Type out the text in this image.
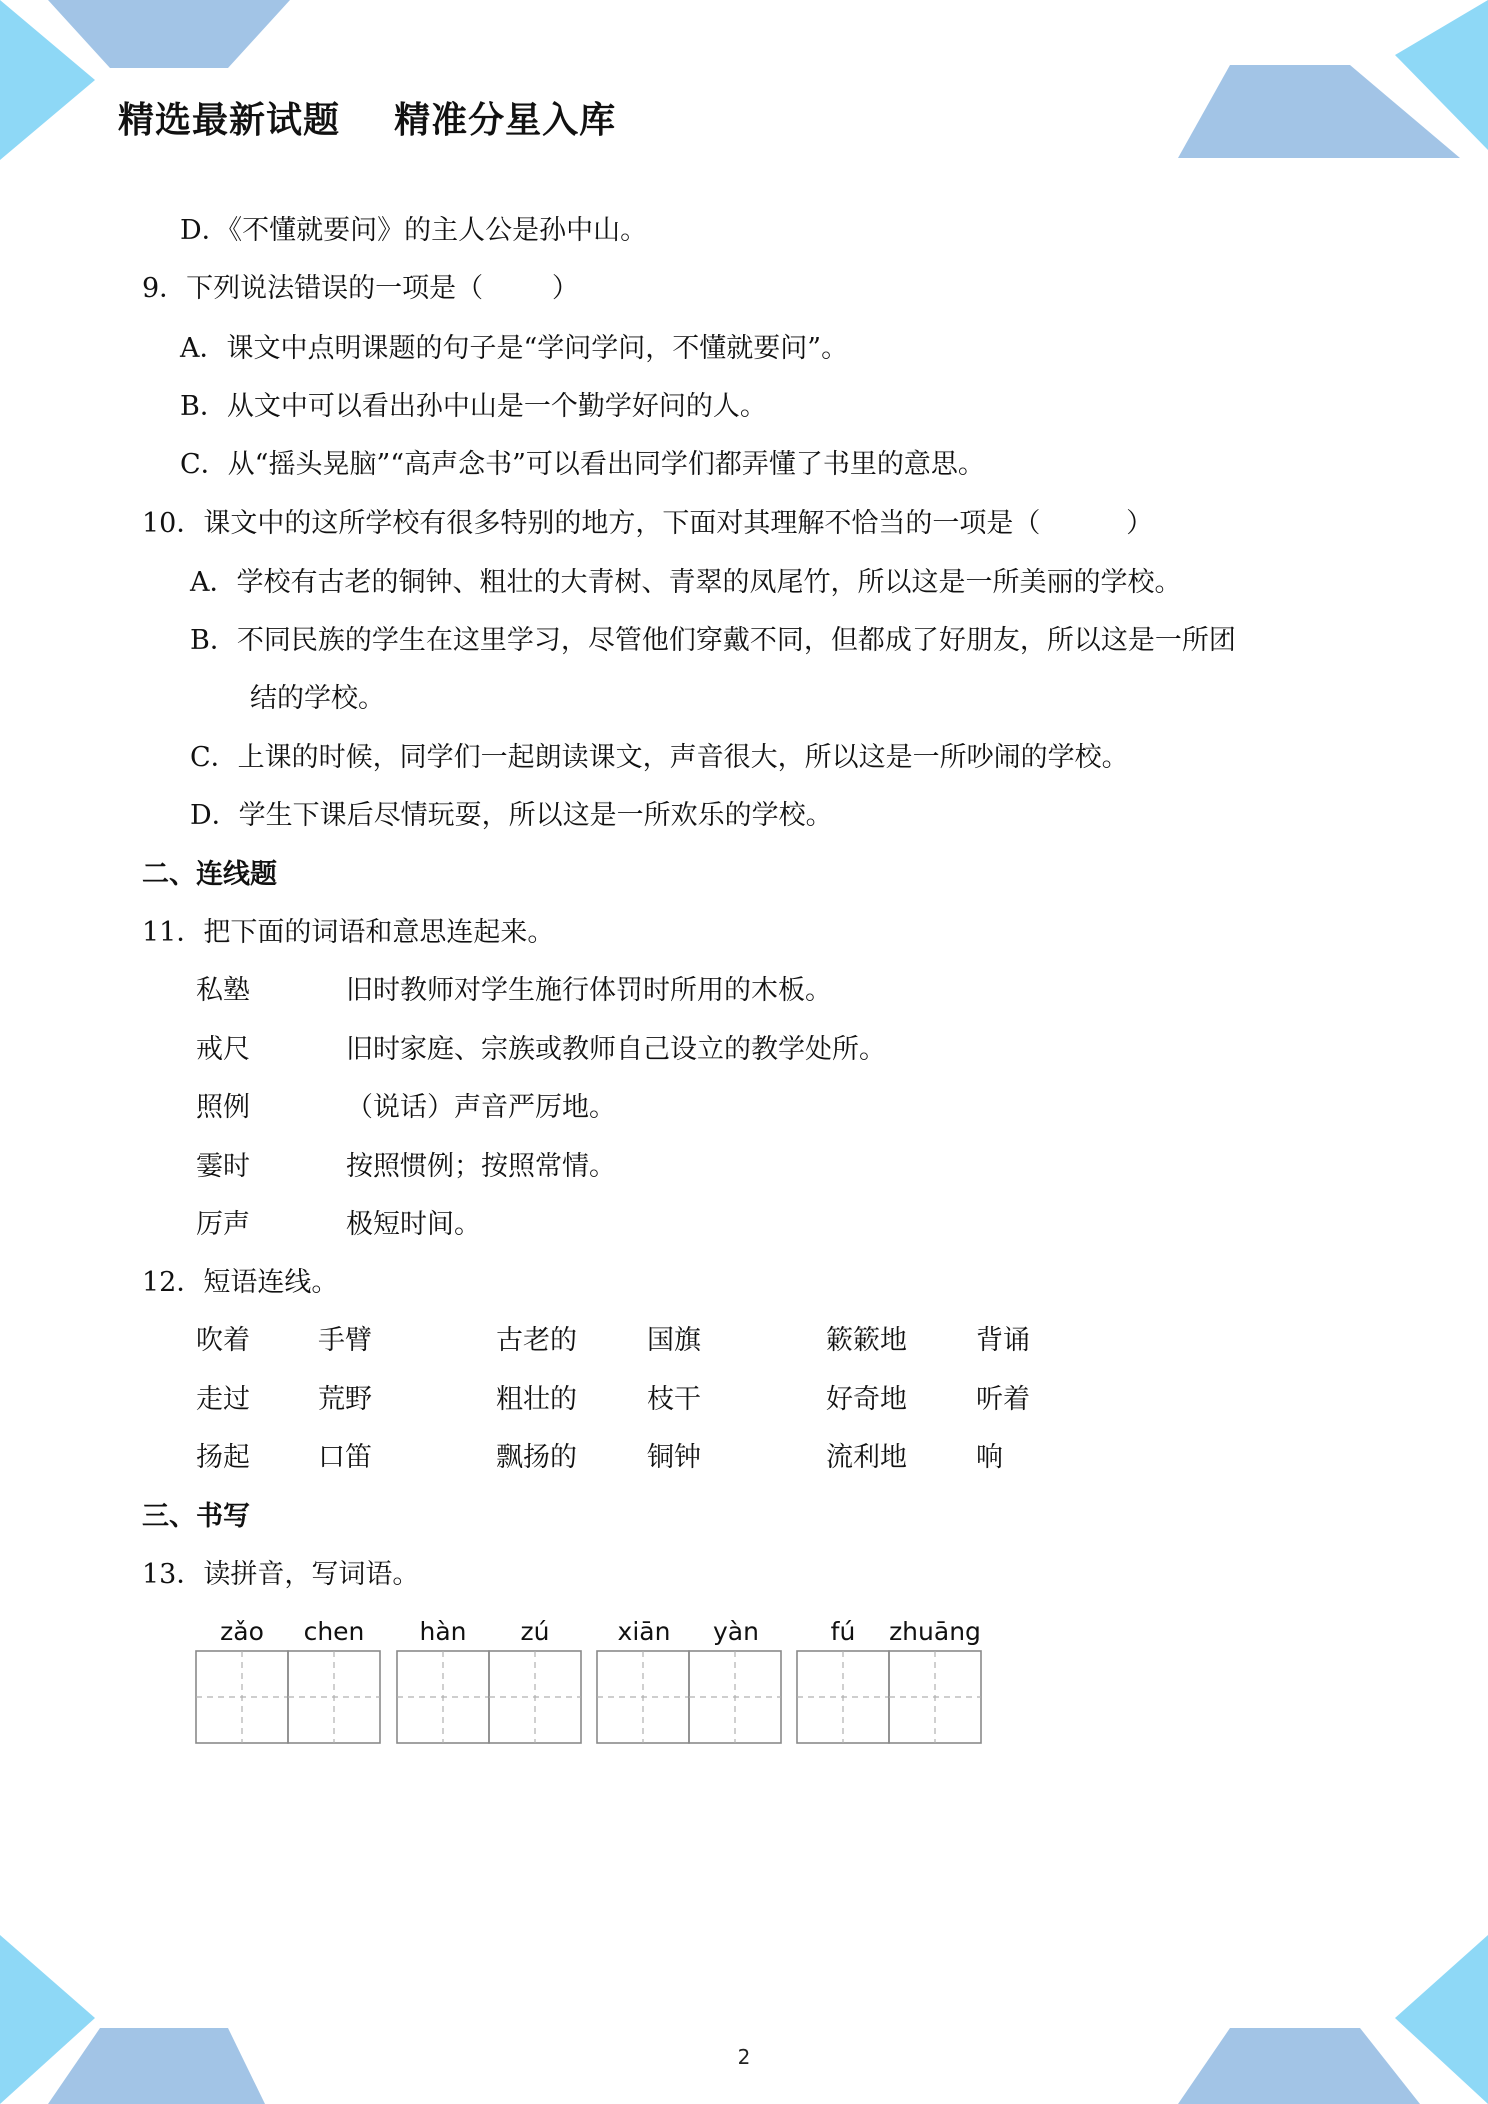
精选最新试题    精准分星入库
D．《不懂就要问》的主人公是孙中山。
9．下列说法错误的一项是（        ）
A．课文中点明课题的句子是“学问学问，不懂就要问”。
B．从文中可以看出孙中山是一个勤学好问的人。
C．从“摇头晃脑”“高声念书”可以看出同学们都弄懂了书里的意思。
10．课文中的这所学校有很多特别的地方，下面对其理解不恰当的一项是（          ）
A．学校有古老的铜钟、粗壮的大青树、青翠的凤尾竹，所以这是一所美丽的学校。
B．不同民族的学生在这里学习，尽管他们穿戴不同，但都成了好朋友，所以这是一所团
结的学校。
C．上课的时候，同学们一起朗读课文，声音很大，所以这是一所吵闹的学校。
D．学生下课后尽情玩耍，所以这是一所欢乐的学校。
二、连线题
11．把下面的词语和意思连起来。
私塾	旧时教师对学生施行体罚时所用的木板。
戒尺	旧时家庭、宗族或教师自己设立的教学处所。
照例	（说话）声音严厉地。
霎时	按照惯例；按照常情。
厉声	极短时间。
12．短语连线。
吹着	手臂	古老的	国旗	簌簌地	背诵
走过	荒野	粗壮的	枝干	好奇地	听着
扬起	口笛	飘扬的	铜钟	流利地	响
三、书写
13．读拼音，写词语。
zǎo	chen	hàn	zú	xiān	yàn	fú	zhuāng
2
